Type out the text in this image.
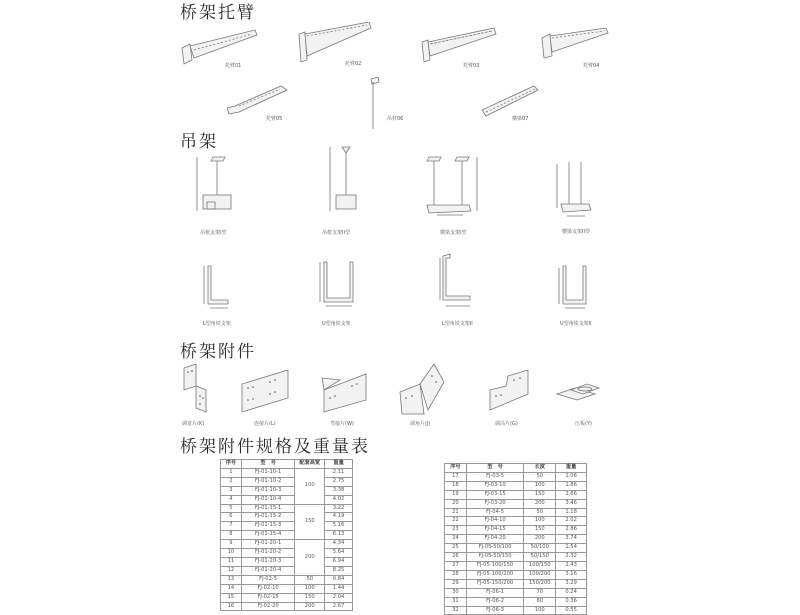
桥架托臂
托臂01	托臂02	托臂03	托臂04
托臂05	吊杆06	横梁07
吊架
吊框支架I型	吊框支架II型	横梁支架I型	横梁支架II型
L型角铁支架	U型角铁支架	L型角铁支架II	U型角铁支架II
桥架附件
调宽片(K)	连接片(L)	弯接片(W)	调角片(J)	调高片(G)	压板(Y)
桥架附件规格及重量表
序号	型　号	配套高宽	重量
1	FJ-01-10-1	100	2.11
2	FJ-01-10-2		2.75
3	FJ-01-10-3		3.38
4	FJ-01-10-4		4.02
5	FJ-01-15-1	150	3.22
6	FJ-01-15-2		4.19
7	FJ-01-15-3		5.16
8	FJ-01-15-4		6.13
9	FJ-01-20-1	200	4.34
10	FJ-01-20-2		5.64
11	FJ-01-20-3		6.94
12	FJ-01-20-4		8.25
13	FJ-02-5	50	0.84
14	FJ-02-10	100	1.44
15	FJ-02-15	150	2.04
16	FJ-02-20	200	2.67
序号	型　号	长度	重量
17	FJ-03-5	50	1.06
18	FJ-03-10	100	1.86
19	FJ-03-15	150	2.66
20	FJ-03-20	200	3.46
21	FJ-04-5	50	1.18
22	FJ-04-10	100	2.02
23	FJ-04-15	150	2.86
24	FJ-04-20	200	3.74
25	FJ-05-50/100	50/100	1.54
26	FJ-05-50/150	50/150	2.32
27	FJ-05-100/150	100/150	2.43
28	FJ-05-100/200	100/200	3.16
29	FJ-05-150/200	150/200	3.29
30	FJ-06-1	70	0.24
31	FJ-06-2	80	0.36
32	FJ-06-3	100	0.55
